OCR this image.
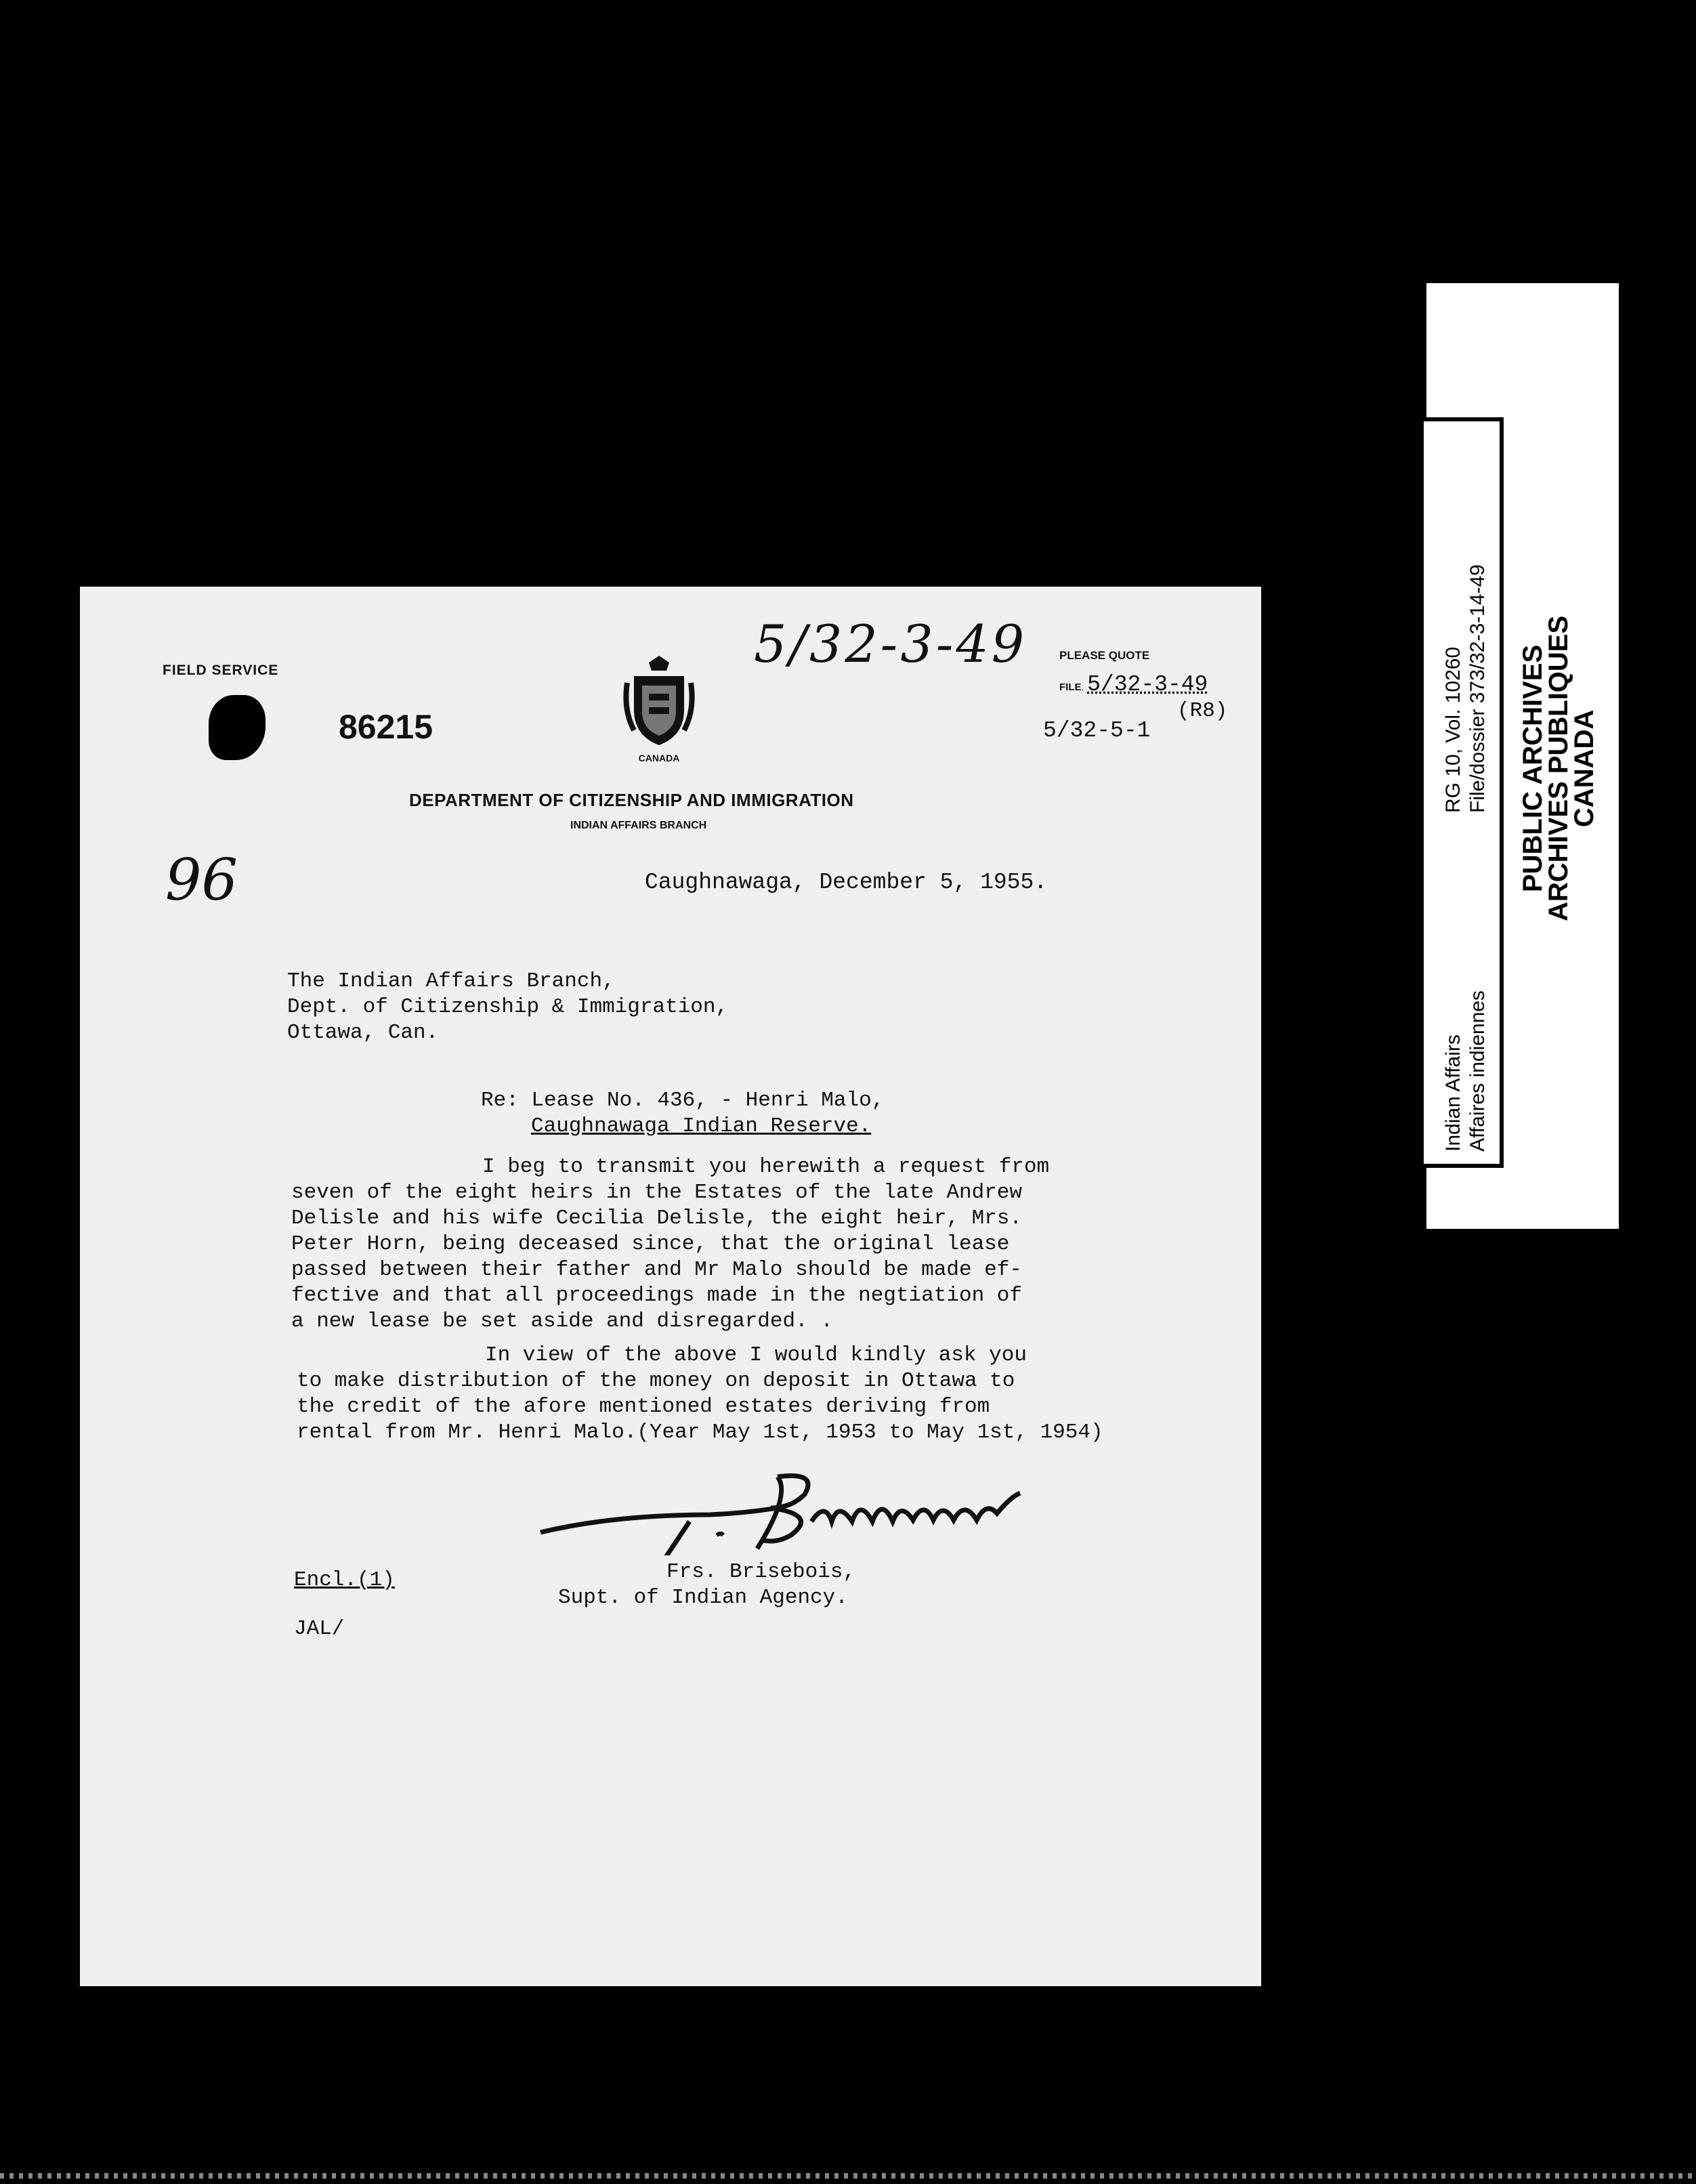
5/32-3-49
FIELD SERVICE
86215
CANADA
PLEASE QUOTE
FILE. 5/32-3-49
(R8)
5/32-5-1
DEPARTMENT OF CITIZENSHIP AND IMMIGRATION
INDIAN AFFAIRS BRANCH
96	Caughnawaga, December 5, 1955.
The Indian Affairs Branch,
Dept. of Citizenship & Immigration,
Ottawa, Can.
Re: Lease No. 436, - Henri Malo,
Caughnawaga Indian Reserve.
I beg to transmit you herewith a request from
seven of the eight heirs in the Estates of the late Andrew
Delisle and his wife Cecilia Delisle, the eight heir, Mrs.
Peter Horn, being deceased since, that the original lease
passed between their father and Mr Malo should be made ef-
fective and that all proceedings made in the negtiation of
a new lease be set aside and disregarded. .
In view of the above I would kindly ask you
to make distribution of the money on deposit in Ottawa to
the credit of the afore mentioned estates deriving from
rental from Mr. Henri Malo.(Year May 1st, 1953 to May 1st, 1954)
Encl.(1)
JAL/
Frs. Brisebois,
Supt. of Indian Agency.
Indian Affairs Affaires indiennes
RG 10, Vol. 10260 File/dossier 373/32-3-14-49 PUBLIC ARCHIVES
ARCHIVES PUBLIQUES
CANADA
